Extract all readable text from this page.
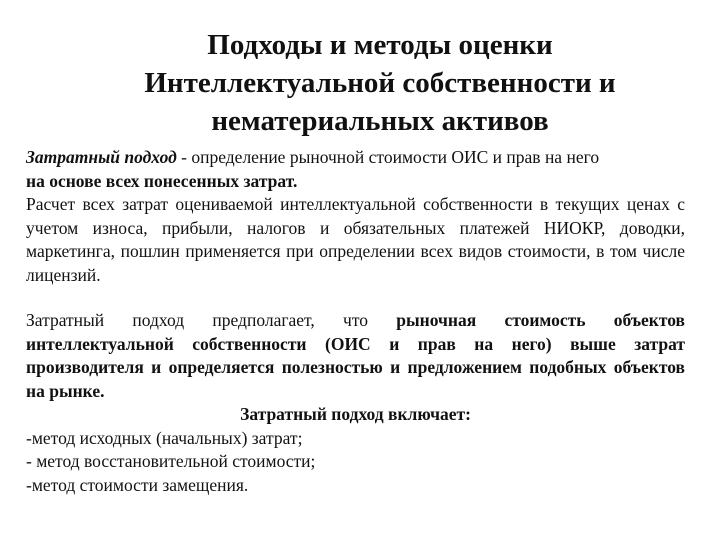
Подходы и методы оценки
Интеллектуальной собственности и
нематериальных активов

Затратный подход - определение рыночной стоимости ОИС и прав на него
на основе всех понесенных затрат.

Расчет всех затрат оцениваемой интеллектуальной собственности в текущих ценах с учетом износа, прибыли, налогов и обязательных платежей НИОКР, доводки, маркетинга, пошлин применяется при определении всех видов стоимости, в том числе лицензий.

Затратный подход предполагает, что рыночная стоимость объектов интеллектуальной собственности (ОИС и прав на него) выше затрат производителя и определяется полезностью и предложением подобных объектов на рынке.

Затратный подход включает:

-метод исходных (начальных) затрат;

- метод восстановительной стоимости;

-метод стоимости замещения.
